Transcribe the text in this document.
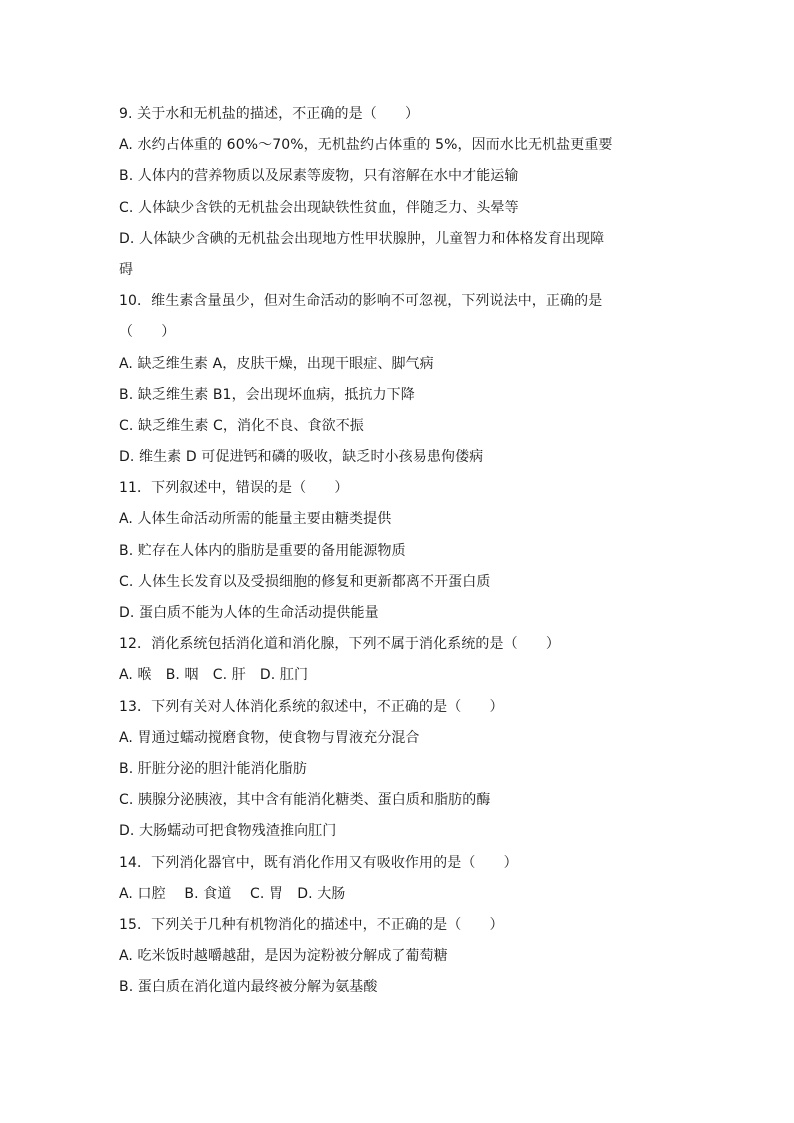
9. 关于水和无机盐的描述，不正确的是（　　）
A. 水约占体重的 60%～70%，无机盐约占体重的 5%，因而水比无机盐更重要
B. 人体内的营养物质以及尿素等废物，只有溶解在水中才能运输
C. 人体缺少含铁的无机盐会出现缺铁性贫血，伴随乏力、头晕等
D. 人体缺少含碘的无机盐会出现地方性甲状腺肿，儿童智力和体格发育出现障
碍
10．维生素含量虽少，但对生命活动的影响不可忽视，下列说法中，正确的是
（　　）
A. 缺乏维生素 A，皮肤干燥，出现干眼症、脚气病
B. 缺乏维生素 B1，会出现坏血病，抵抗力下降
C. 缺乏维生素 C，消化不良、食欲不振
D. 维生素 D 可促进钙和磷的吸收，缺乏时小孩易患佝偻病
11．下列叙述中，错误的是（　　）
A. 人体生命活动所需的能量主要由糖类提供
B. 贮存在人体内的脂肪是重要的备用能源物质
C. 人体生长发育以及受损细胞的修复和更新都离不开蛋白质
D. 蛋白质不能为人体的生命活动提供能量
12．消化系统包括消化道和消化腺，下列不属于消化系统的是（　　）
A. 喉　B. 咽　C. 肝　D. 肛门
13．下列有关对人体消化系统的叙述中，不正确的是（　　）
A. 胃通过蠕动搅磨食物，使食物与胃液充分混合
B. 肝脏分泌的胆汁能消化脂肪
C. 胰腺分泌胰液，其中含有能消化糖类、蛋白质和脂肪的酶
D. 大肠蠕动可把食物残渣推向肛门
14．下列消化器官中，既有消化作用又有吸收作用的是（　　）
A. 口腔　 B. 食道　 C. 胃　D. 大肠
15．下列关于几种有机物消化的描述中，不正确的是（　　）
A. 吃米饭时越嚼越甜，是因为淀粉被分解成了葡萄糖
B. 蛋白质在消化道内最终被分解为氨基酸
